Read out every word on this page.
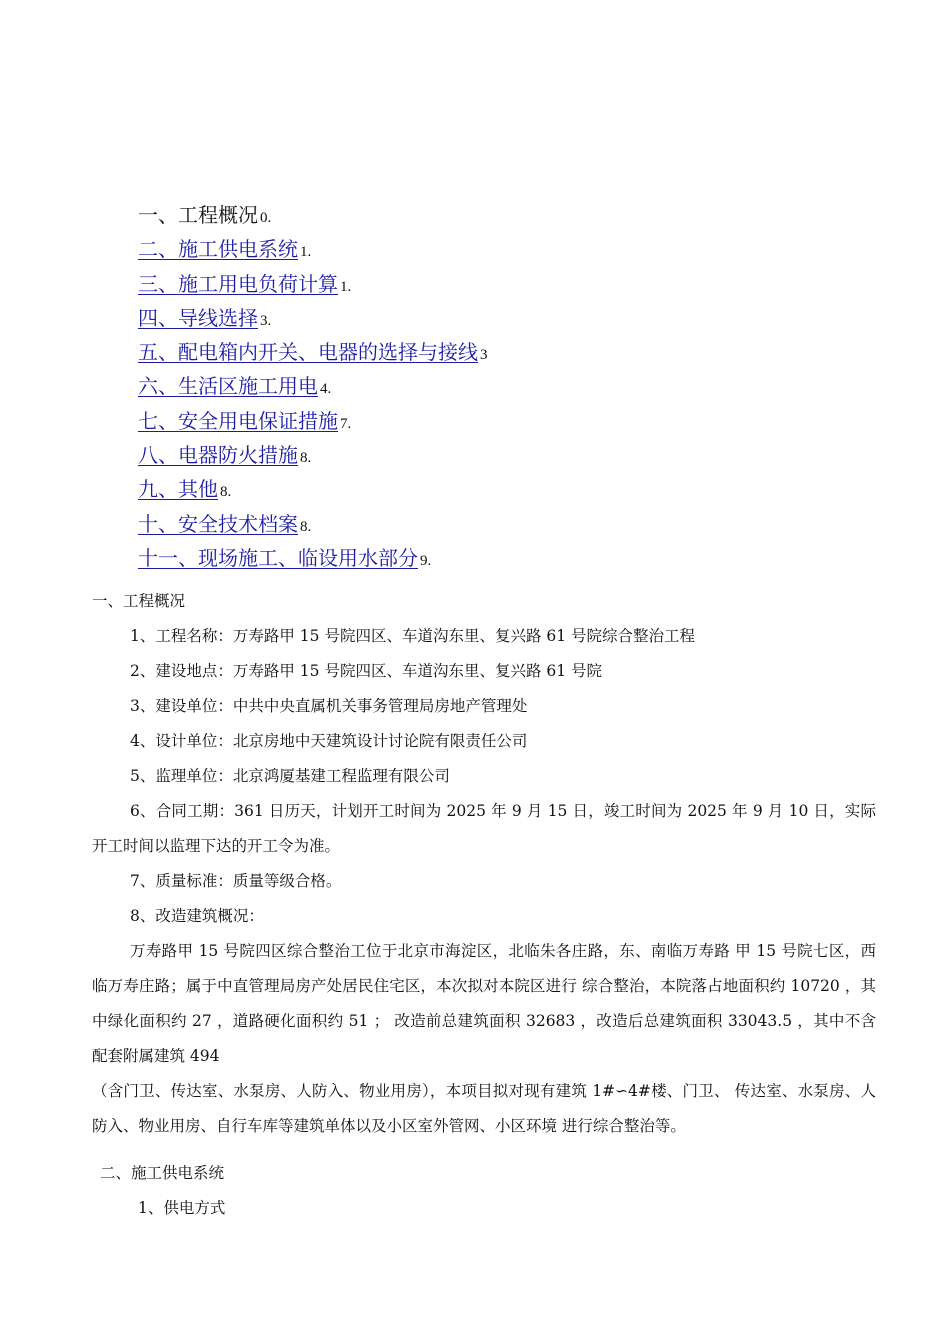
一、工程概况 0.
二、施工供电系统 1.
三、施工用电负荷计算 1.
四、导线选择 3.
五、配电箱内开关、电器的选择与接线 3
六、生活区施工用电 4.
七、安全用电保证措施 7.
八、电器防火措施 8.
九、其他 8.
十、安全技术档案 8.
十一、现场施工、临设用水部分 9.
一、工程概况
1、工程名称：万寿路甲 15 号院四区、车道沟东里、复兴路 61 号院综合整治工程
2、建设地点：万寿路甲 15 号院四区、车道沟东里、复兴路 61 号院
3、建设单位：中共中央直属机关事务管理局房地产管理处
4、设计单位：北京房地中天建筑设计讨论院有限责任公司
5、监理单位：北京鸿厦基建工程监理有限公司
6、合同工期：361 日历天，计划开工时间为 2025 年 9 月 15 日，竣工时间为 2025 年 9 月 10 日，实际开工时间以监理下达的开工令为准。
7、质量标准：质量等级合格。
8、改造建筑概况：
万寿路甲 15 号院四区综合整治工位于北京市海淀区，北临朱各庄路，东、南临万寿路 甲 15 号院七区，西临万寿庄路；属于中直管理局房产处居民住宅区，本次拟对本院区进行 综合整治，本院落占地面积约 10720 ，其中绿化面积约 27 ，道路硬化面积约 51 ； 改造前总建筑面积 32683 ，改造后总建筑面积 33043.5 ，其中不含配套附属建筑 494
（含门卫、传达室、水泵房、人防入、物业用房），本项目拟对现有建筑 1#∽4#楼、门卫、 传达室、水泵房、人防入、物业用房、自行车库等建筑单体以及小区室外管网、小区环境 进行综合整治等。
二、施工供电系统
1、供电方式
